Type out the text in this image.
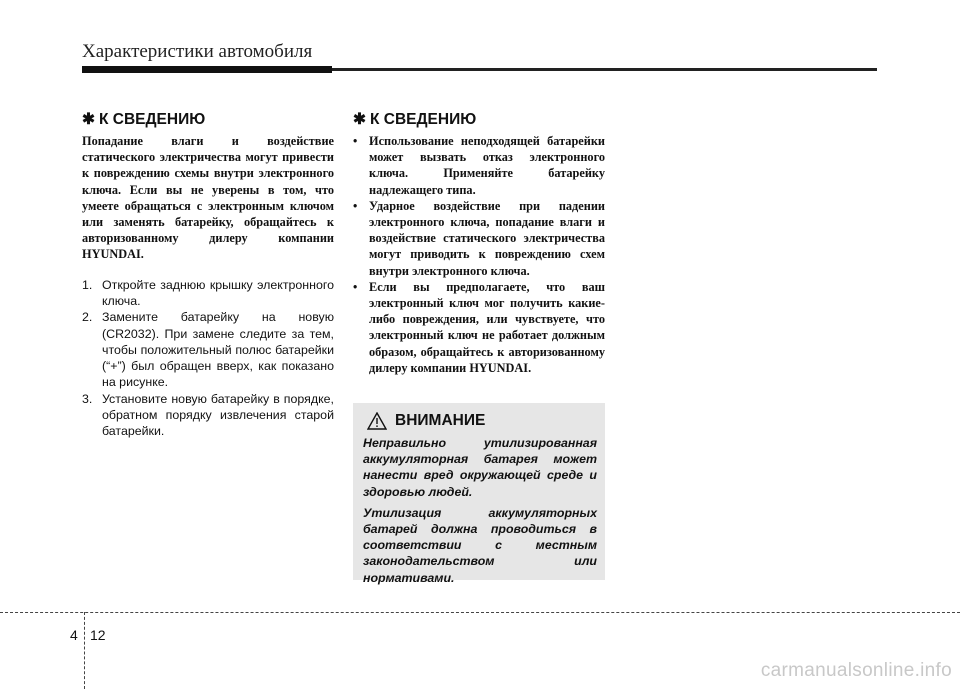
Характеристики автомобиля
✱ К СВЕДЕНИЮ

Попадание влаги и воздействие статического электричества могут привести к повреждению схемы внутри электронного ключа. Если вы не уверены в том, что умеете обращаться с электронным ключом или заменять батарейку, обращайтесь к авторизованному дилеру компании HYUNDAI.

1. Откройте заднюю крышку электронного ключа.
2. Замените батарейку на новую (CR2032). При замене следите за тем, чтобы положительный полюс батарейки (“+”) был обращен вверх, как показано на рисунке.
3. Установите новую батарейку в порядке, обратном порядку извлечения старой батарейки.
✱ К СВЕДЕНИЮ
• Использование неподходящей батарейки может вызвать отказ электронного ключа. Применяйте батарейку надлежащего типа.
• Ударное воздействие при падении электронного ключа, попадание влаги и воздействие статического электричества могут приводить к повреждению схем внутри электронного ключа.
• Если вы предполагаете, что ваш электронный ключ мог получить какие-либо повреждения, или чувствуете, что электронный ключ не работает должным образом, обращайтесь к авторизованному дилеру компании HYUNDAI.
ВНИМАНИЕ

Неправильно утилизированная аккумуляторная батарея может нанести вред окружающей среде и здоровью людей.

Утилизация аккумуляторных батарей должна проводиться в соответствии с местным законодательством или нормативами.

4 12
carmanualsonline.info
